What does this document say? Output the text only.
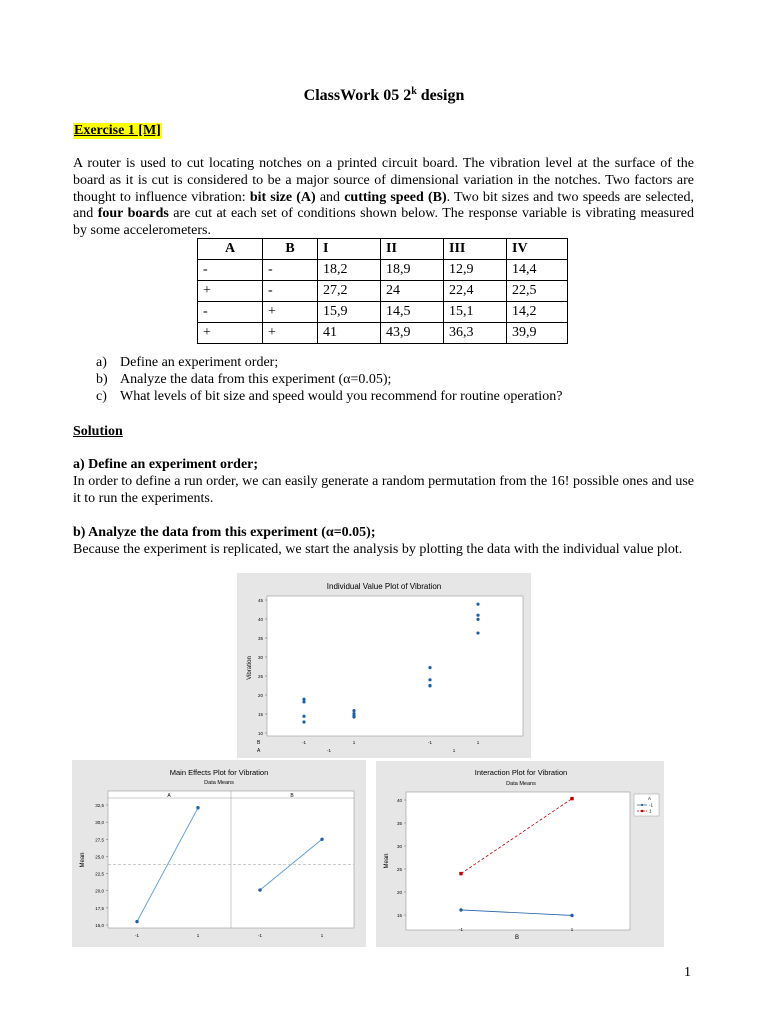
ClassWork 05 2$^k$ design
Exercise 1 [M]
A router is used to cut locating notches on a printed circuit board. The vibration level at the surface of the board as it is cut is considered to be a major source of dimensional variation in the notches. Two factors are thought to influence vibration: bit size (A) and cutting speed (B). Two bit sizes and two speeds are selected, and four boards are cut at each set of conditions shown below. The response variable is vibrating measured by some accelerometers.
A	B	I	II	III	IV
-	-	18,2	18,9	12,9	14,4
+	-	27,2	24	22,4	22,5
-	+	15,9	14,5	15,1	14,2
+	+	41	43,9	36,3	39,9
a) Define an experiment order;
b) Analyze the data from this experiment (α=0.05);
c) What levels of bit size and speed would you recommend for routine operation?
Solution
a) Define an experiment order;
In order to define a run order, we can easily generate a random permutation from the 16! possible ones and use it to run the experiments.
b) Analyze the data from this experiment (α=0.05);
Because the experiment is replicated, we start the analysis by plotting the data with the individual value plot.
Individual Value Plot of Vibration
Vibration
B
A
10
15
20
25
30
35
40
45
-1	1	-1	1
-1	1
Main Effects Plot for Vibration
Data Means
A	B
Mean
15,0
17,5
20,0
22,5
25,0
27,5
30,0
32,5
-1	1	-1	1
Interaction Plot for Vibration
Data Means
Mean
B
A
15
20
25
30
35
40
-1	1
-1
1
1
